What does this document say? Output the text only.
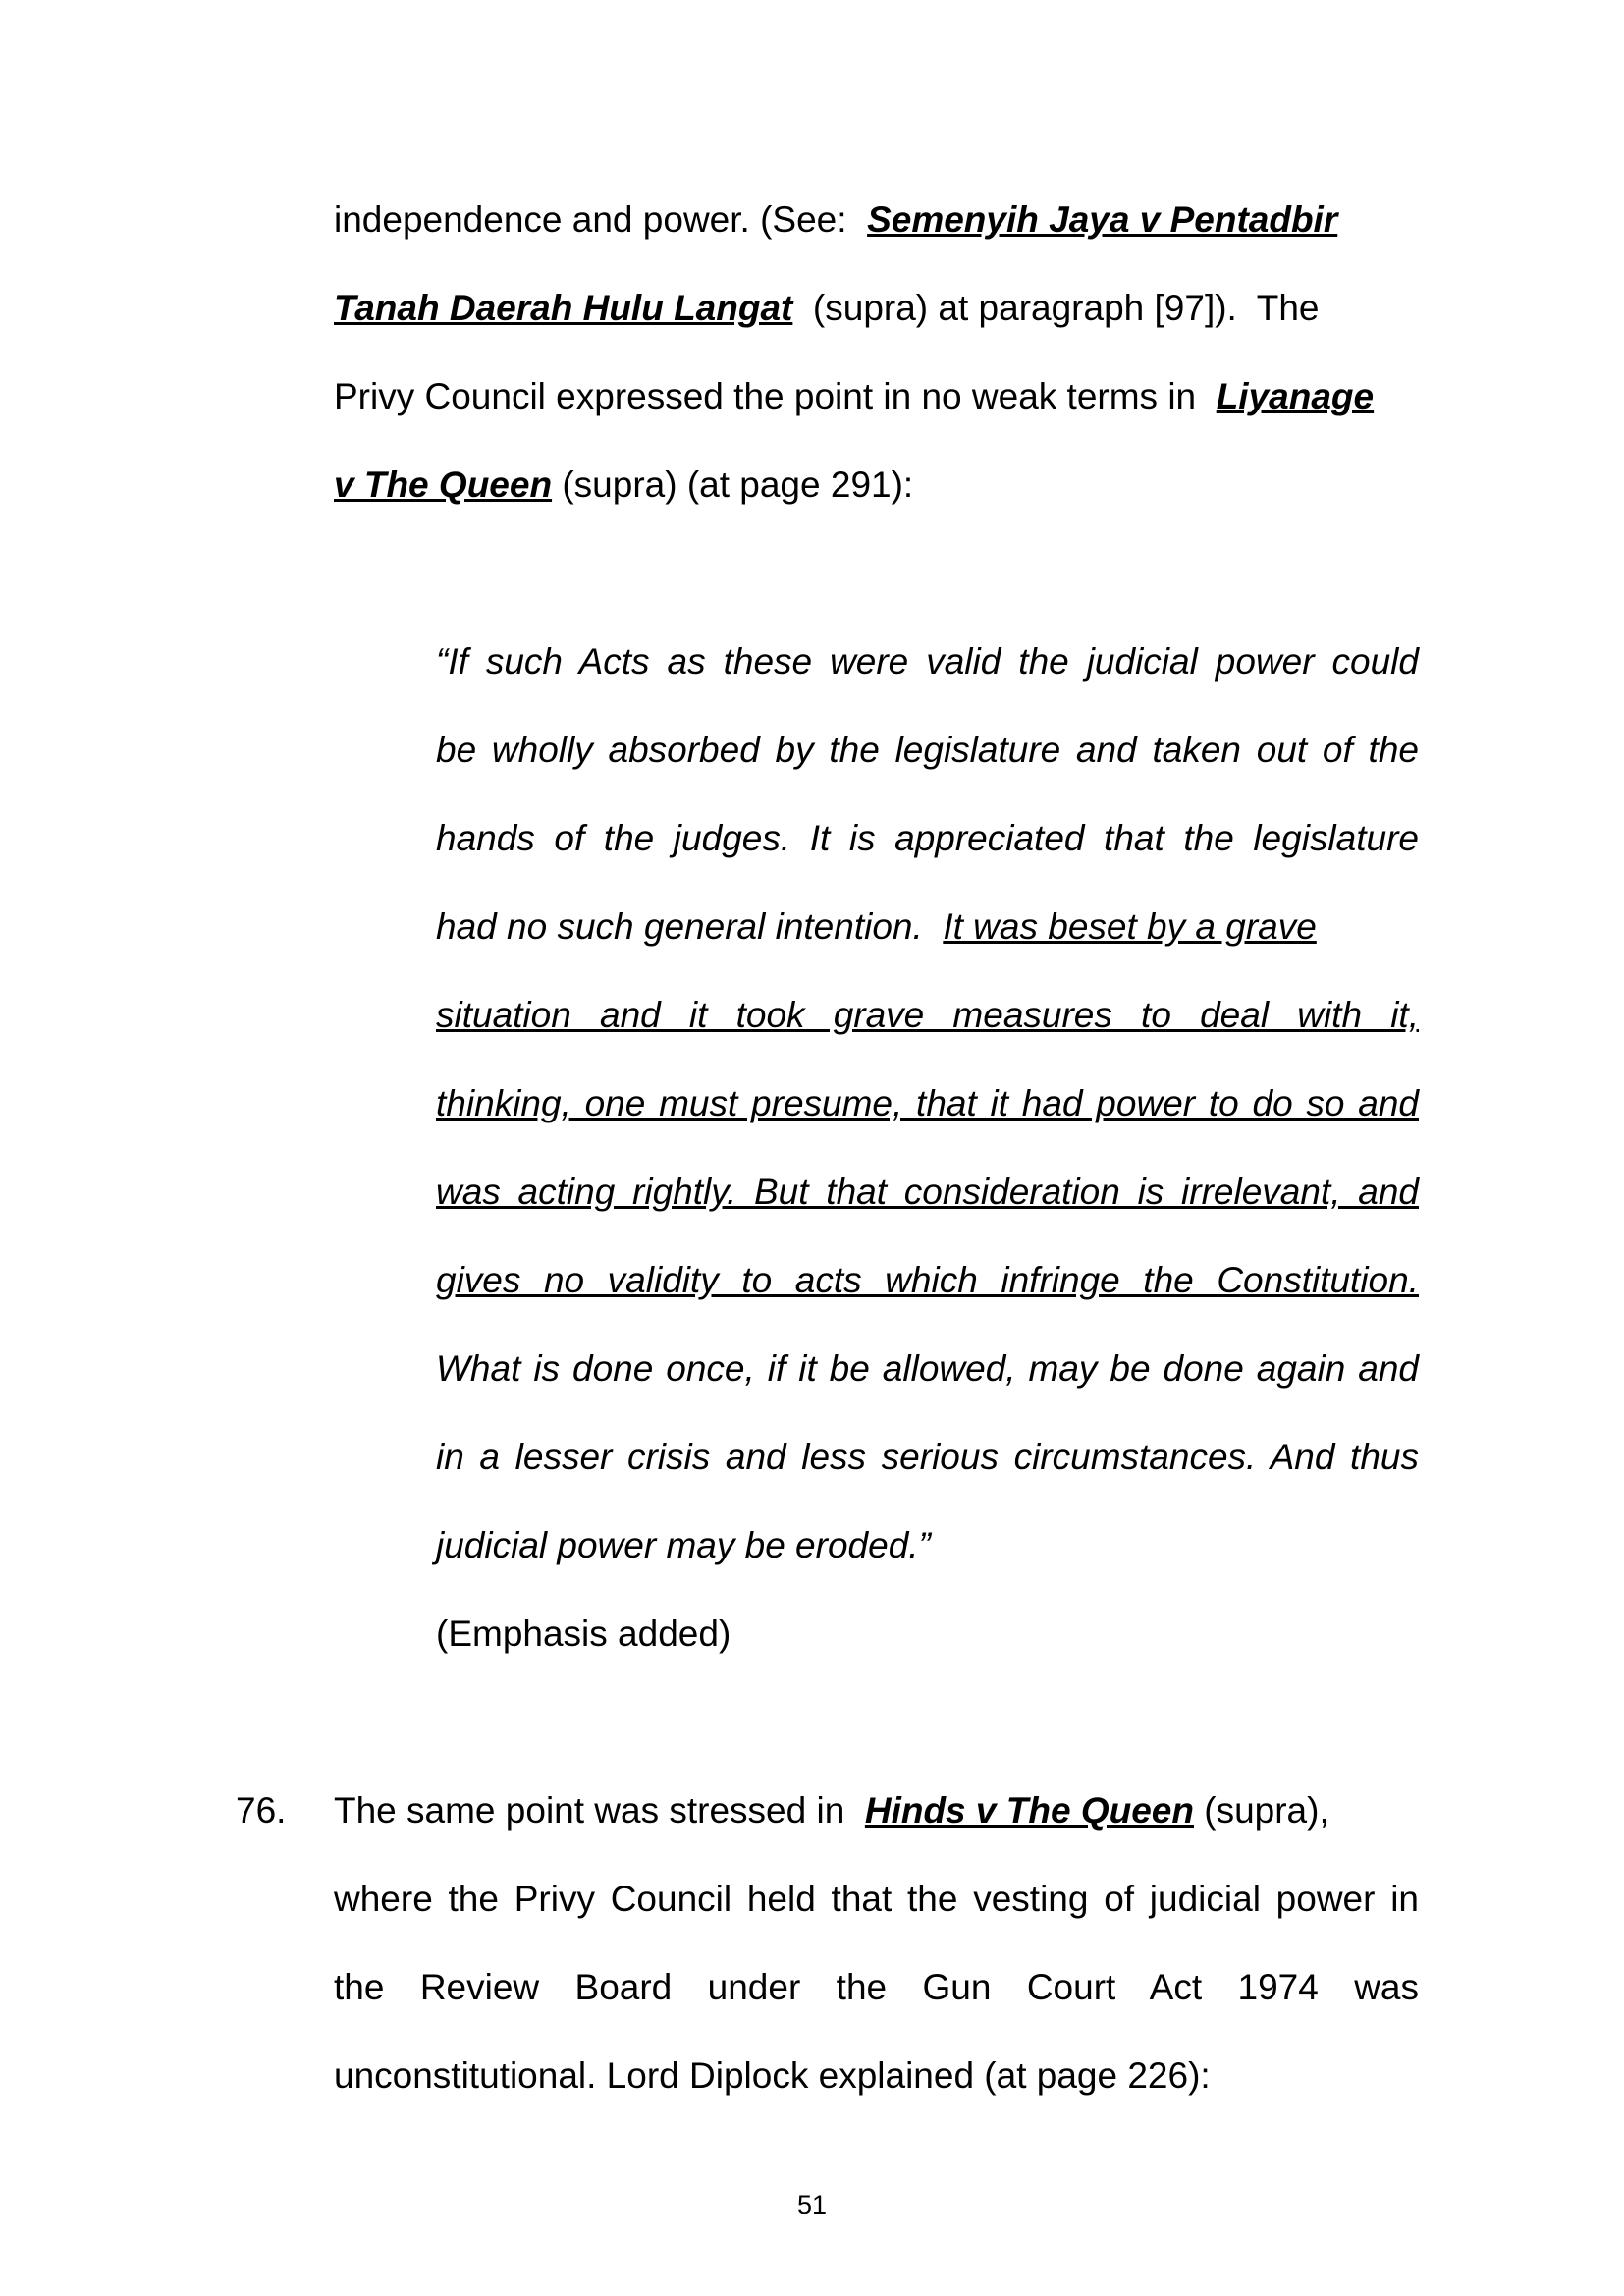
independence and power. (See:  Semenyih Jaya v Pentadbir
Tanah Daerah Hulu Langat  (supra) at paragraph [97]).  The
Privy Council expressed the point in no weak terms in  Liyanage
v The Queen (supra) (at page 291):
“If such Acts as these were valid the judicial power could
be wholly absorbed by the legislature and taken out of the
hands of the judges. It is appreciated that the legislature
had no such general intention.  It was beset by a grave
situation and it took grave measures to deal with it,
thinking, one must presume, that it had power to do so and
was acting rightly. But that consideration is irrelevant, and
gives no validity to acts which infringe the Constitution.
What is done once, if it be allowed, may be done again and
in a lesser crisis and less serious circumstances. And thus
judicial power may be eroded.”
(Emphasis added)
76. The same point was stressed in  Hinds v The Queen (supra),
where the Privy Council held that the vesting of judicial power in
the Review Board under the Gun Court Act 1974 was
unconstitutional. Lord Diplock explained (at page 226):
51
